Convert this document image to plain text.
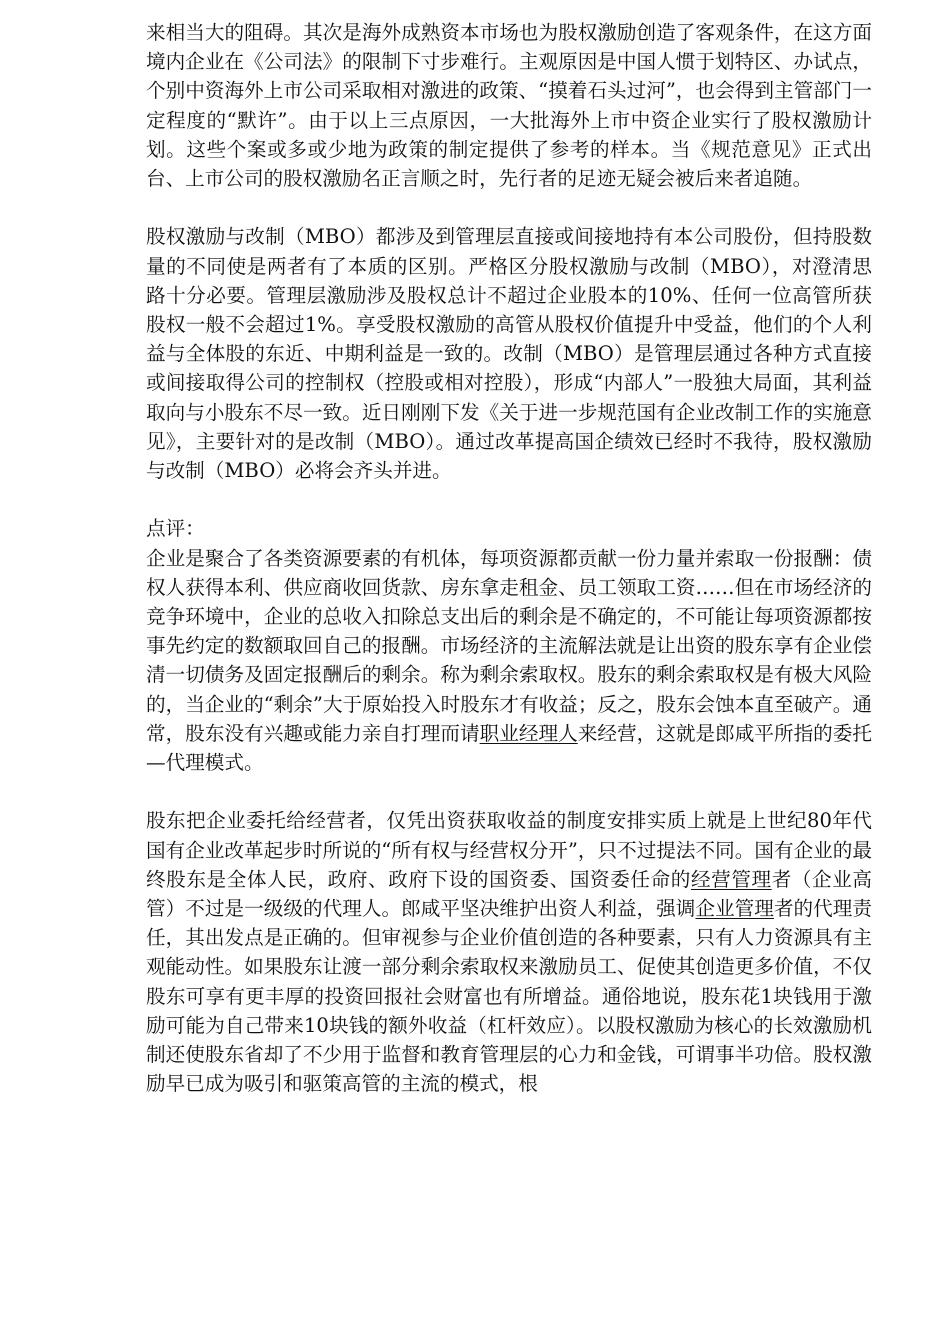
来相当大的阻碍。其次是海外成熟资本市场也为股权激励创造了客观条件，在这方面境内企业在《公司法》的限制下寸步难行。主观原因是中国人惯于划特区、办试点，个别中资海外上市公司采取相对激进的政策、“摸着石头过河”，也会得到主管部门一定程度的“默许”。由于以上三点原因，一大批海外上市中资企业实行了股权激励计划。这些个案或多或少地为政策的制定提供了参考的样本。当《规范意见》正式出台、上市公司的股权激励名正言顺之时，先行者的足迹无疑会被后来者追随。

股权激励与改制（MBO）都涉及到管理层直接或间接地持有本公司股份，但持股数量的不同使是两者有了本质的区别。严格区分股权激励与改制（MBO），对澄清思路十分必要。管理层激励涉及股权总计不超过企业股本的10%、任何一位高管所获股权一般不会超过1%。享受股权激励的高管从股权价值提升中受益，他们的个人利益与全体股的东近、中期利益是一致的。改制（MBO）是管理层通过各种方式直接或间接取得公司的控制权（控股或相对控股），形成“内部人”一股独大局面，其利益取向与小股东不尽一致。近日刚刚下发《关于进一步规范国有企业改制工作的实施意见》，主要针对的是改制（MBO）。通过改革提高国企绩效已经时不我待，股权激励与改制（MBO）必将会齐头并进。

点评：

企业是聚合了各类资源要素的有机体，每项资源都贡献一份力量并索取一份报酬：债权人获得本利、供应商收回货款、房东拿走租金、员工领取工资……但在市场经济的竞争环境中，企业的总收入扣除总支出后的剩余是不确定的，不可能让每项资源都按事先约定的数额取回自己的报酬。市场经济的主流解法就是让出资的股东享有企业偿清一切债务及固定报酬后的剩余。称为剩余索取权。股东的剩余索取权是有极大风险的，当企业的“剩余”大于原始投入时股东才有收益；反之，股东会蚀本直至破产。通常，股东没有兴趣或能力亲自打理而请职业经理人来经营，这就是郎咸平所指的委托—代理模式。

股东把企业委托给经营者，仅凭出资获取收益的制度安排实质上就是上世纪80年代国有企业改革起步时所说的“所有权与经营权分开”，只不过提法不同。国有企业的最终股东是全体人民，政府、政府下设的国资委、国资委任命的经营管理者（企业高管）不过是一级级的代理人。郎咸平坚决维护出资人利益，强调企业管理者的代理责任，其出发点是正确的。但审视参与企业价值创造的各种要素，只有人力资源具有主观能动性。如果股东让渡一部分剩余索取权来激励员工、促使其创造更多价值，不仅股东可享有更丰厚的投资回报社会财富也有所增益。通俗地说，股东花1块钱用于激励可能为自己带来10块钱的额外收益（杠杆效应）。以股权激励为核心的长效激励机制还使股东省却了不少用于监督和教育管理层的心力和金钱，可谓事半功倍。股权激励早已成为吸引和驱策高管的主流的模式，根
